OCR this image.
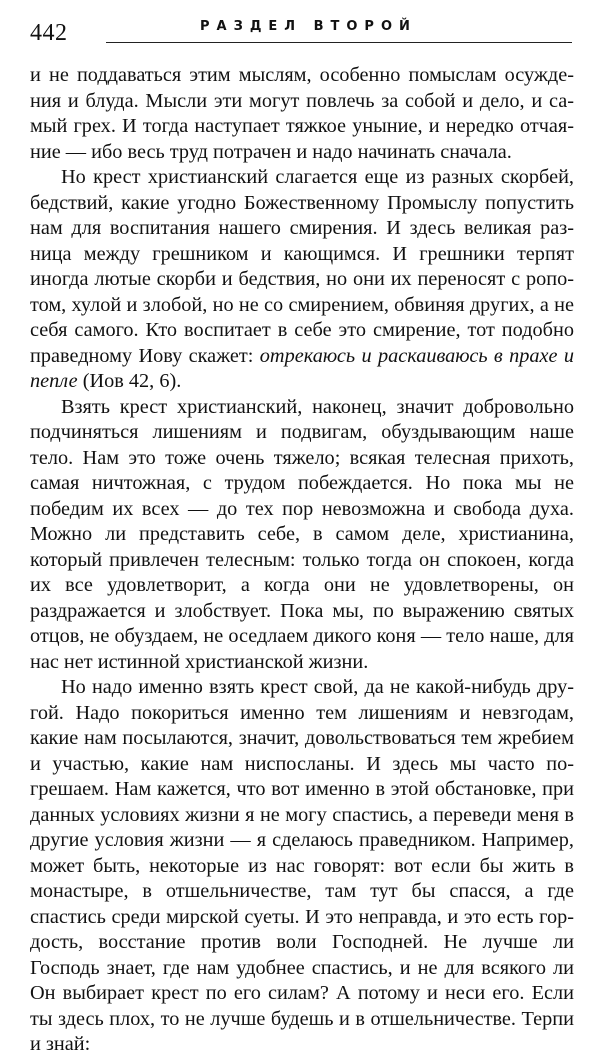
442	РАЗДЕЛ ВТОРОЙ

и не поддаваться этим мыслям, особенно помыслам осуждения и блуда. Мысли эти могут повлечь за собой и дело, и самый грех. И тогда наступает тяжкое уныние, и нередко отчаяние — ибо весь труд потрачен и надо начинать сначала.

Но крест христианский слагается еще из разных скорбей, бедствий, какие угодно Божественному Промыслу попустить нам для воспитания нашего смирения. И здесь великая разница между грешником и кающимся. И грешники терпят иногда лютые скорби и бедствия, но они их переносят с ропотом, хулой и злобой, но не со смирением, обвиняя других, а не себя самого. Кто воспитает в себе это смирение, тот подобно праведному Иову скажет: отрекаюсь и раскаиваюсь в прахе и пепле (Иов 42, 6).

Взять крест христианский, наконец, значит добровольно подчиняться лишениям и подвигам, обуздывающим наше тело. Нам это тоже очень тяжело; всякая телесная прихоть, самая ничтожная, с трудом побеждается. Но пока мы не победим их всех — до тех пор невозможна и свобода духа. Можно ли представить себе, в самом деле, христианина, который привлечен телесным: только тогда он спокоен, когда их все удовлетворит, а когда они не удовлетворены, он раздражается и злобствует. Пока мы, по выражению святых отцов, не обуздаем, не оседлаем дикого коня — тело наше, для нас нет истинной христианской жизни.

Но надо именно взять крест свой, да не какой-нибудь другой. Надо покориться именно тем лишениям и невзгодам, какие нам посылаются, значит, довольствоваться тем жребием и участью, какие нам ниспосланы. И здесь мы часто погрешаем. Нам кажется, что вот именно в этой обстановке, при данных условиях жизни я не могу спастись, а переведи меня в другие условия жизни — я сделаюсь праведником. Например, может быть, некоторые из нас говорят: вот если бы жить в монастыре, в отшельничестве, там тут бы спасся, а где спастись среди мирской суеты. И это неправда, и это есть гордость, восстание против воли Господней. Не лучше ли Господь знает, где нам удобнее спастись, и не для всякого ли Он выбирает крест по его силам? А потому и неси его. Если ты здесь плох, то не лучше будешь и в отшельничестве. Терпи и знай:
